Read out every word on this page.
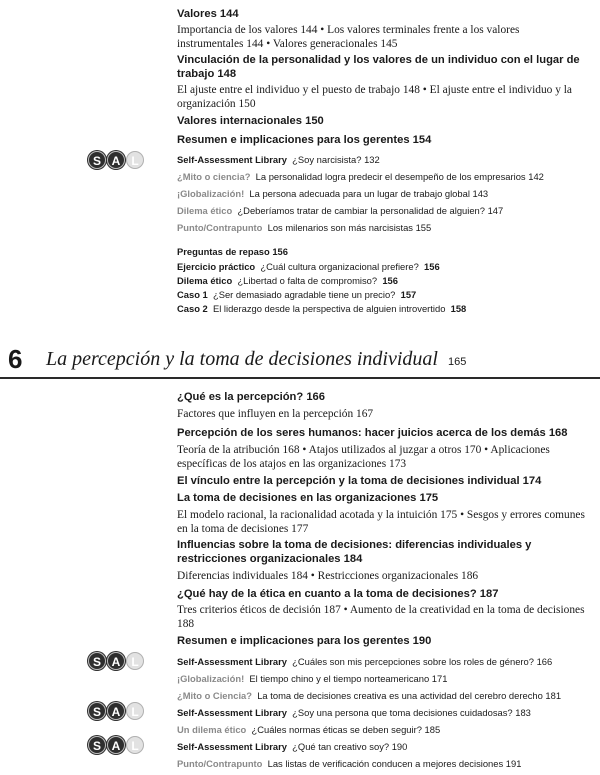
Valores 144
Importancia de los valores 144 • Los valores terminales frente a los valores instrumentales 144 • Valores generacionales 145
Vinculación de la personalidad y los valores de un individuo con el lugar de trabajo 148
El ajuste entre el individuo y el puesto de trabajo 148 • El ajuste entre el individuo y la organización 150
Valores internacionales 150
Resumen e implicaciones para los gerentes 154
S A L	Self-Assessment Library ¿Soy narcisista? 132
¿Mito o ciencia? La personalidad logra predecir el desempeño de los empresarios 142
¡Globalización! La persona adecuada para un lugar de trabajo global 143
Dilema ético ¿Deberíamos tratar de cambiar la personalidad de alguien? 147
Punto/Contrapunto Los milenarios son más narcisistas 155
Preguntas de repaso 156
Ejercicio práctico ¿Cuál cultura organizacional prefiere? 156
Dilema ético ¿Libertad o falta de compromiso? 156
Caso 1 ¿Ser demasiado agradable tiene un precio? 157
Caso 2 El liderazgo desde la perspectiva de alguien introvertido 158
6 La percepción y la toma de decisiones individual 165
¿Qué es la percepción? 166
Factores que influyen en la percepción 167
Percepción de los seres humanos: hacer juicios acerca de los demás 168
Teoría de la atribución 168 • Atajos utilizados al juzgar a otros 170 • Aplicaciones específicas de los atajos en las organizaciones 173
El vínculo entre la percepción y la toma de decisiones individual 174
La toma de decisiones en las organizaciones 175
El modelo racional, la racionalidad acotada y la intuición 175 • Sesgos y errores comunes en la toma de decisiones 177
Influencias sobre la toma de decisiones: diferencias individuales y restricciones organizacionales 184
Diferencias individuales 184 • Restricciones organizacionales 186
¿Qué hay de la ética en cuanto a la toma de decisiones? 187
Tres criterios éticos de decisión 187 • Aumento de la creatividad en la toma de decisiones 188
Resumen e implicaciones para los gerentes 190
S A L
S A L
S A L
Self-Assessment Library ¿Cuáles son mis percepciones sobre los roles de género? 166
¡Globalización! El tiempo chino y el tiempo norteamericano 171
¿Mito o Ciencia? La toma de decisiones creativa es una actividad del cerebro derecho 181
Self-Assessment Library ¿Soy una persona que toma decisiones cuidadosas? 183
Un dilema ético ¿Cuáles normas éticas se deben seguir? 185
Self-Assessment Library ¿Qué tan creativo soy? 190
Punto/Contrapunto Las listas de verificación conducen a mejores decisiones 191
